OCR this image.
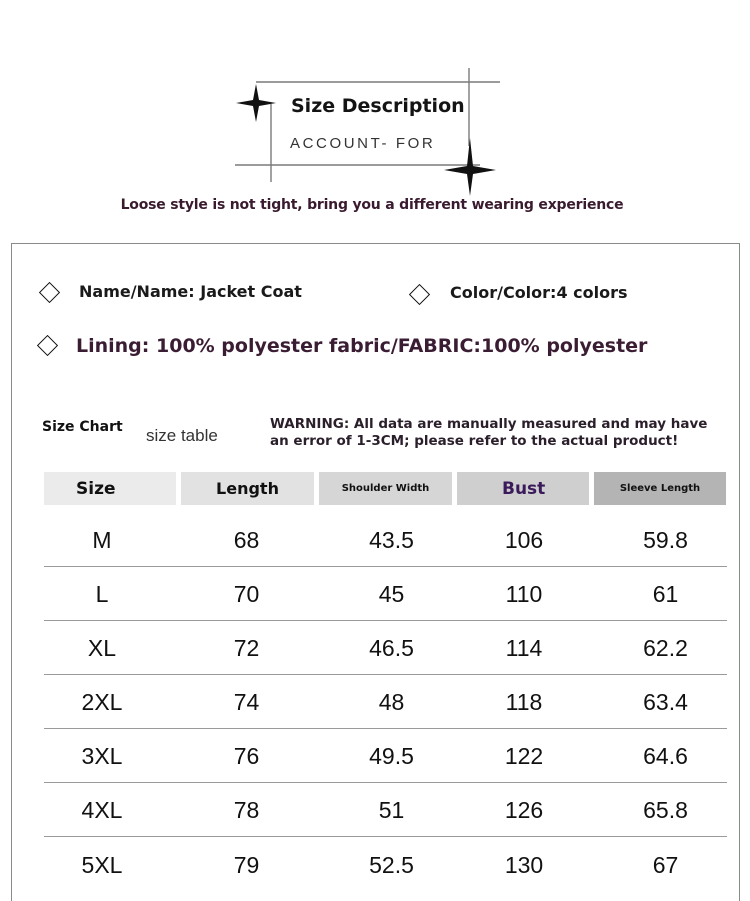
Size Description
ACCOUNT- FOR
Loose style is not tight, bring you a different wearing experience
Name/Name: Jacket Coat	Color/Color:4 colors
Lining: 100% polyester fabric/FABRIC:100% polyester
Size Chart size table
WARNING: All data are manually measured and may have an error of 1-3CM; please refer to the actual product!
Size	Length	Shoulder Width	Bust	Sleeve Length
M	68	43.5	106	59.8
L	70	45	110	61
XL	72	46.5	114	62.2
2XL	74	48	118	63.4
3XL	76	49.5	122	64.6
4XL	78	51	126	65.8
5XL	79	52.5	130	67
